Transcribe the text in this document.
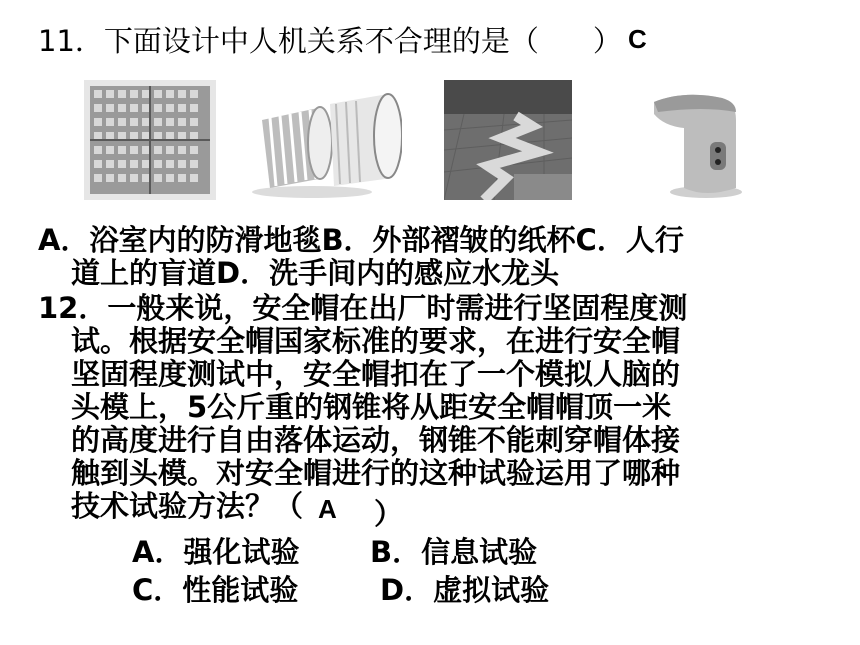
11．下面设计中人机关系不合理的是（ ） C
A．浴室内的防滑地毯B．外部褶皱的纸杯C．人行
道上的盲道D．洗手间内的感应水龙头
12．一般来说，安全帽在出厂时需进行坚固程度测
试。根据安全帽国家标准的要求，在进行安全帽
坚固程度测试中，安全帽扣在了一个模拟人脑的
头模上，5公斤重的钢锥将从距安全帽帽顶一米
的高度进行自由落体运动，钢锥不能刺穿帽体接
触到头模。对安全帽进行的这种试验运用了哪种
技术试验方法？（ A ）
A．强化试验 B．信息试验
C．性能试验	D．虚拟试验
